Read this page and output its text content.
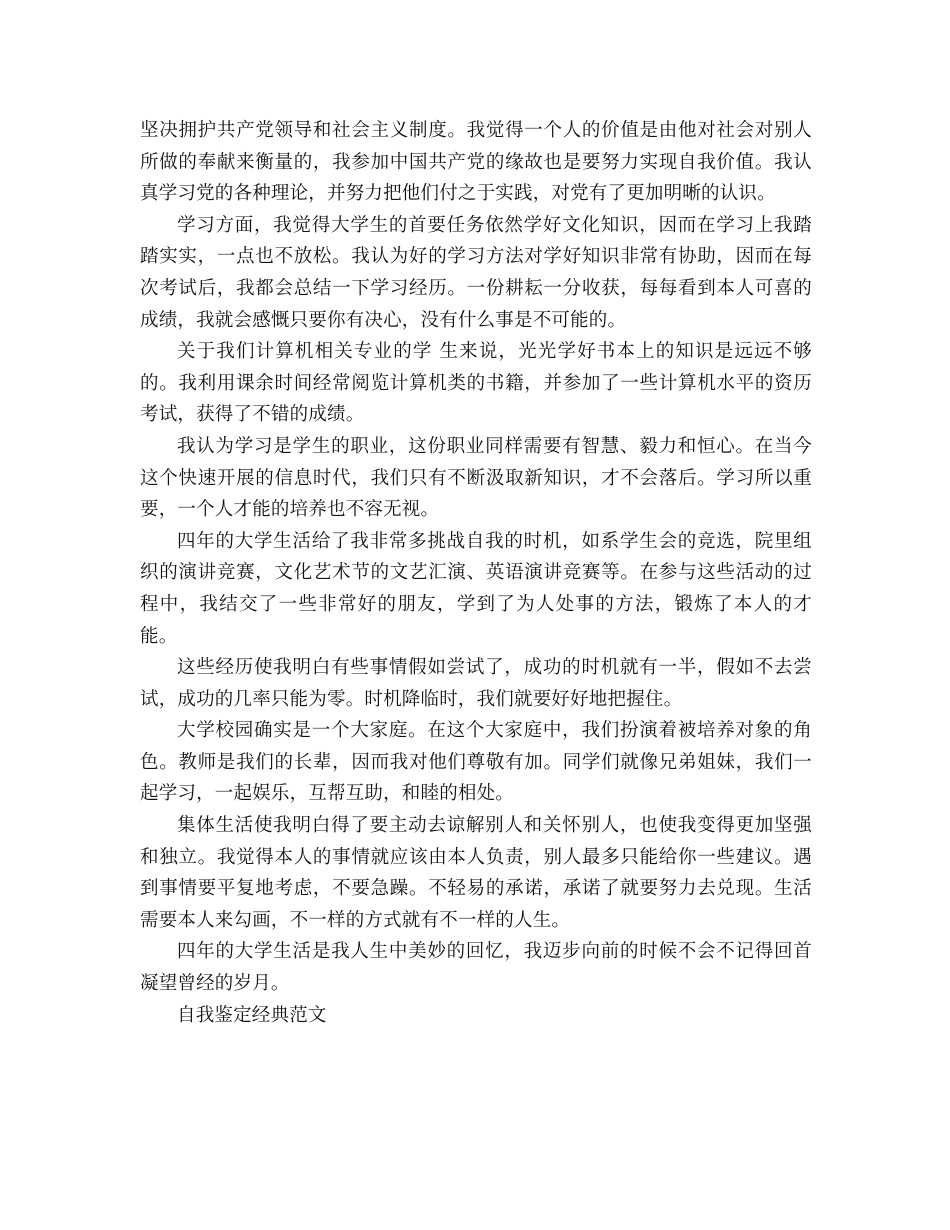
坚决拥护共产党领导和社会主义制度。我觉得一个人的价值是由他对社会对别人所做的奉献来衡量的，我参加中国共产党的缘故也是要努力实现自我价值。我认真学习党的各种理论，并努力把他们付之于实践，对党有了更加明晰的认识。

学习方面，我觉得大学生的首要任务依然学好文化知识，因而在学习上我踏踏实实，一点也不放松。我认为好的学习方法对学好知识非常有协助，因而在每次考试后，我都会总结一下学习经历。一份耕耘一分收获，每每看到本人可喜的成绩，我就会感慨只要你有决心，没有什么事是不可能的。

关于我们计算机相关专业的学 生来说，光光学好书本上的知识是远远不够的。我利用课余时间经常阅览计算机类的书籍，并参加了一些计算机水平的资历考试，获得了不错的成绩。

我认为学习是学生的职业，这份职业同样需要有智慧、毅力和恒心。在当今这个快速开展的信息时代，我们只有不断汲取新知识，才不会落后。学习所以重要，一个人才能的培养也不容无视。

四年的大学生活给了我非常多挑战自我的时机，如系学生会的竞选，院里组织的演讲竞赛，文化艺术节的文艺汇演、英语演讲竞赛等。在参与这些活动的过程中，我结交了一些非常好的朋友，学到了为人处事的方法，锻炼了本人的才能。

这些经历使我明白有些事情假如尝试了，成功的时机就有一半，假如不去尝试，成功的几率只能为零。时机降临时，我们就要好好地把握住。

大学校园确实是一个大家庭。在这个大家庭中，我们扮演着被培养对象的角色。教师是我们的长辈，因而我对他们尊敬有加。同学们就像兄弟姐妹，我们一起学习，一起娱乐，互帮互助，和睦的相处。

集体生活使我明白得了要主动去谅解别人和关怀别人，也使我变得更加坚强和独立。我觉得本人的事情就应该由本人负责，别人最多只能给你一些建议。遇到事情要平复地考虑，不要急躁。不轻易的承诺，承诺了就要努力去兑现。生活需要本人来勾画，不一样的方式就有不一样的人生。

四年的大学生活是我人生中美妙的回忆，我迈步向前的时候不会不记得回首凝望曾经的岁月。

自我鉴定经典范文
